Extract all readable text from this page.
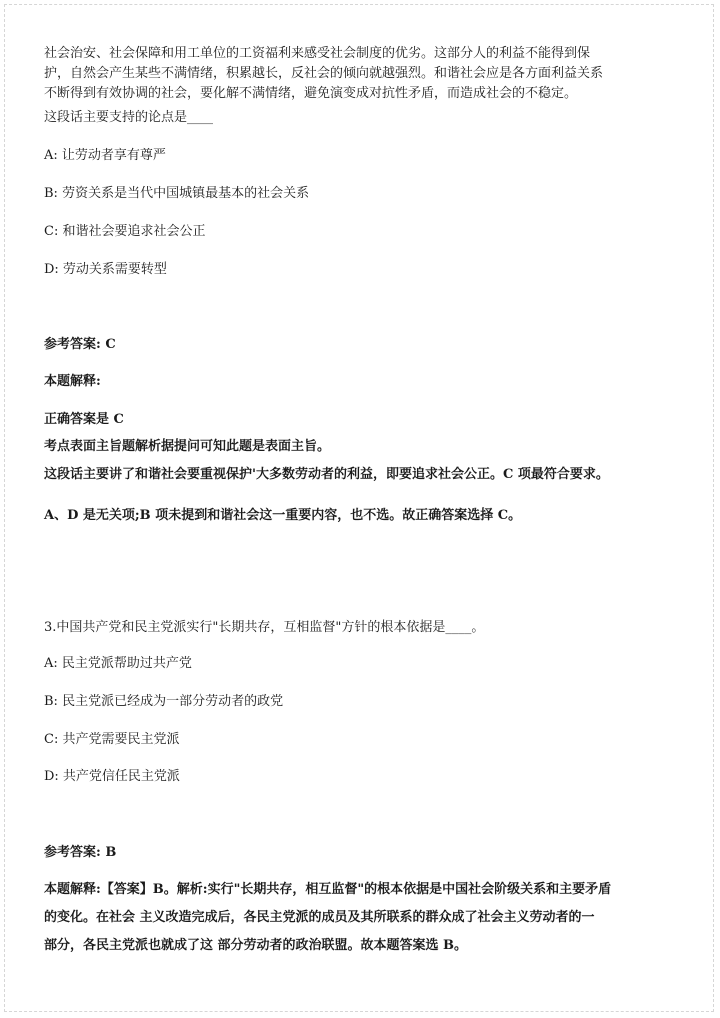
社会治安、社会保障和用工单位的工资福利来感受社会制度的优劣。这部分人的利益不能得到保

护，自然会产生某些不满情绪，积累越长，反社会的倾向就越强烈。和谐社会应是各方面利益关系

不断得到有效协调的社会，要化解不满情绪，避免演变成对抗性矛盾，而造成社会的不稳定。

这段话主要支持的论点是____

A: 让劳动者享有尊严

B: 劳资关系是当代中国城镇最基本的社会关系

C: 和谐社会要追求社会公正

D: 劳动关系需要转型

参考答案: C

本题解释:

正确答案是 C

考点表面主旨题解析据提问可知此题是表面主旨。

这段话主要讲了和谐社会要重视保护'大多数劳动者的利益，即要追求社会公正。C 项最符合要求。

A、D 是无关项;B 项未提到和谐社会这一重要内容，也不选。故正确答案选择 C。

3.中国共产党和民主党派实行"长期共存，互相监督"方针的根本依据是____。

A: 民主党派帮助过共产党

B: 民主党派已经成为一部分劳动者的政党

C: 共产党需要民主党派

D: 共产党信任民主党派

参考答案: B

本题解释:【答案】B。解析:实行"长期共存，相互监督"的根本依据是中国社会阶级关系和主要矛盾

的变化。在社会 主义改造完成后，各民主党派的成员及其所联系的群众成了社会主义劳动者的一

部分，各民主党派也就成了这 部分劳动者的政治联盟。故本题答案选 B。
